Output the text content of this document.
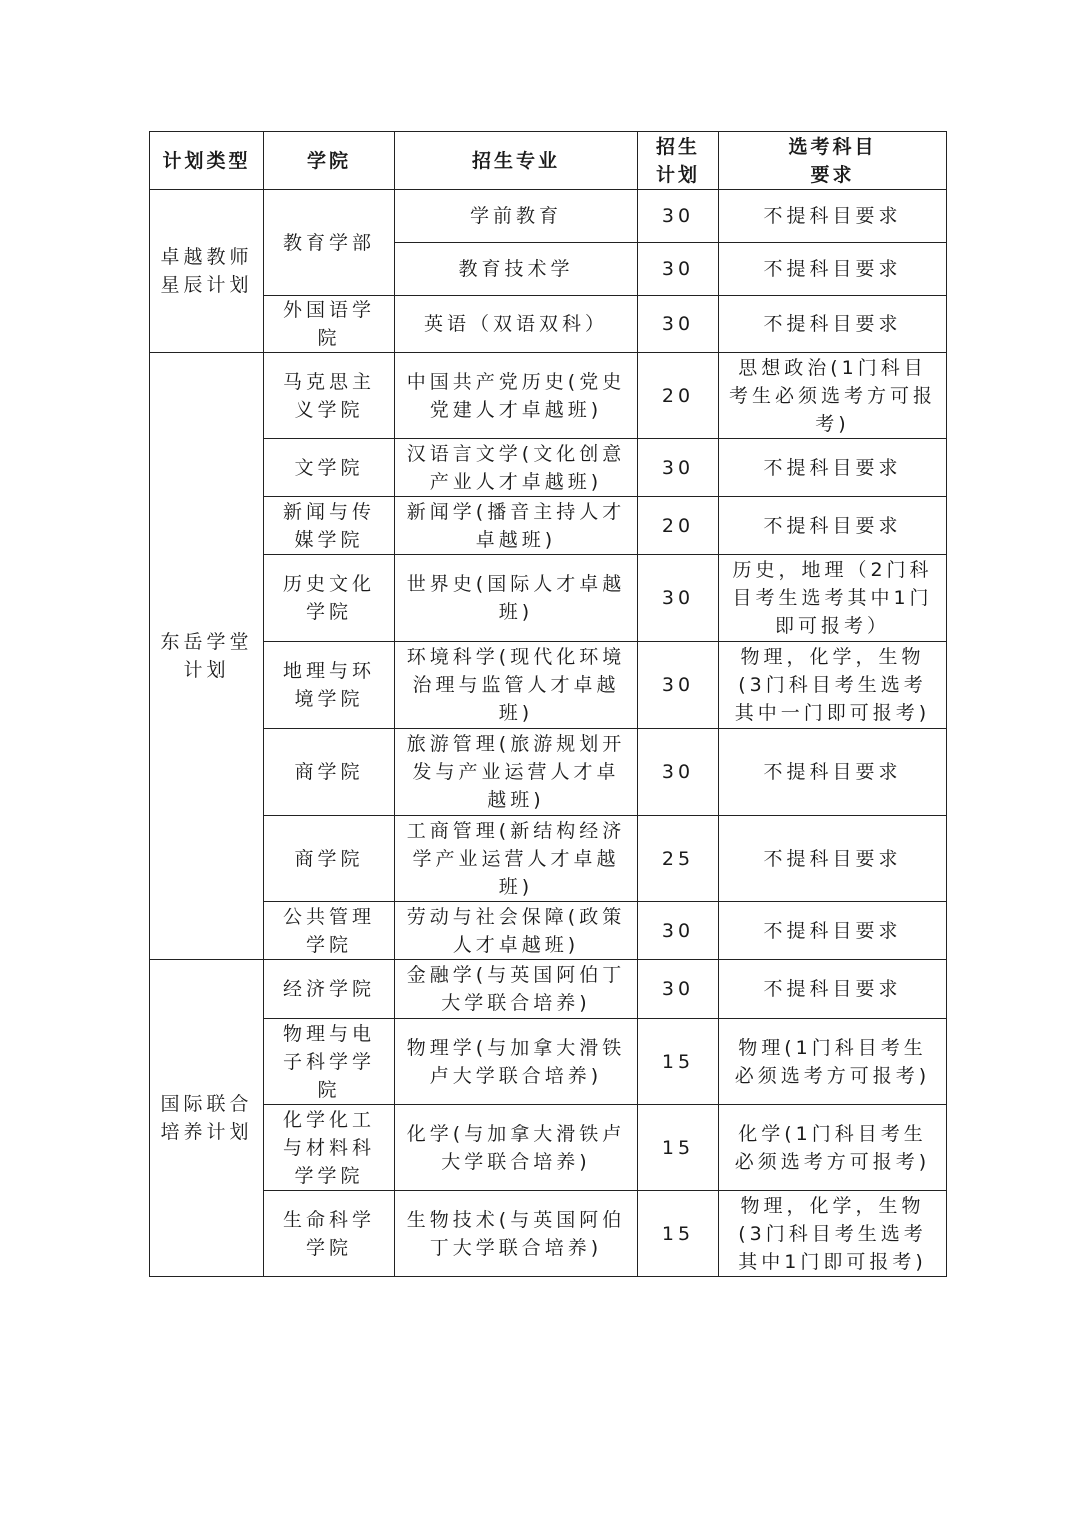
计划类型	学院	招生专业	招生计划	选考科目要求
卓越教师星辰计划	教育学部	学前教育	30	不提科目要求
		教育技术学	30	不提科目要求
	外国语学院	英语（双语双科）	30	不提科目要求
东岳学堂计划	马克思主义学院	中国共产党历史(党史党建人才卓越班)	20	思想政治(1门科目考生必须选考方可报考)
	文学院	汉语言文学(文化创意产业人才卓越班)	30	不提科目要求
	新闻与传媒学院	新闻学(播音主持人才卓越班)	20	不提科目要求
	历史文化学院	世界史(国际人才卓越班)	30	历史，地理（2门科目考生选考其中1门即可报考）
	地理与环境学院	环境科学(现代化环境治理与监管人才卓越班)	30	物理，化学，生物(3门科目考生选考其中一门即可报考)
	商学院	旅游管理(旅游规划开发与产业运营人才卓越班)	30	不提科目要求
	商学院	工商管理(新结构经济学产业运营人才卓越班)	25	不提科目要求
	公共管理学院	劳动与社会保障(政策人才卓越班)	30	不提科目要求
国际联合培养计划	经济学院	金融学(与英国阿伯丁大学联合培养)	30	不提科目要求
	物理与电子科学学院	物理学(与加拿大滑铁卢大学联合培养)	15	物理(1门科目考生必须选考方可报考)
	化学化工与材料科学学院	化学(与加拿大滑铁卢大学联合培养)	15	化学(1门科目考生必须选考方可报考)
	生命科学学院	生物技术(与英国阿伯丁大学联合培养)	15	物理，化学，生物(3门科目考生选考其中1门即可报考)
